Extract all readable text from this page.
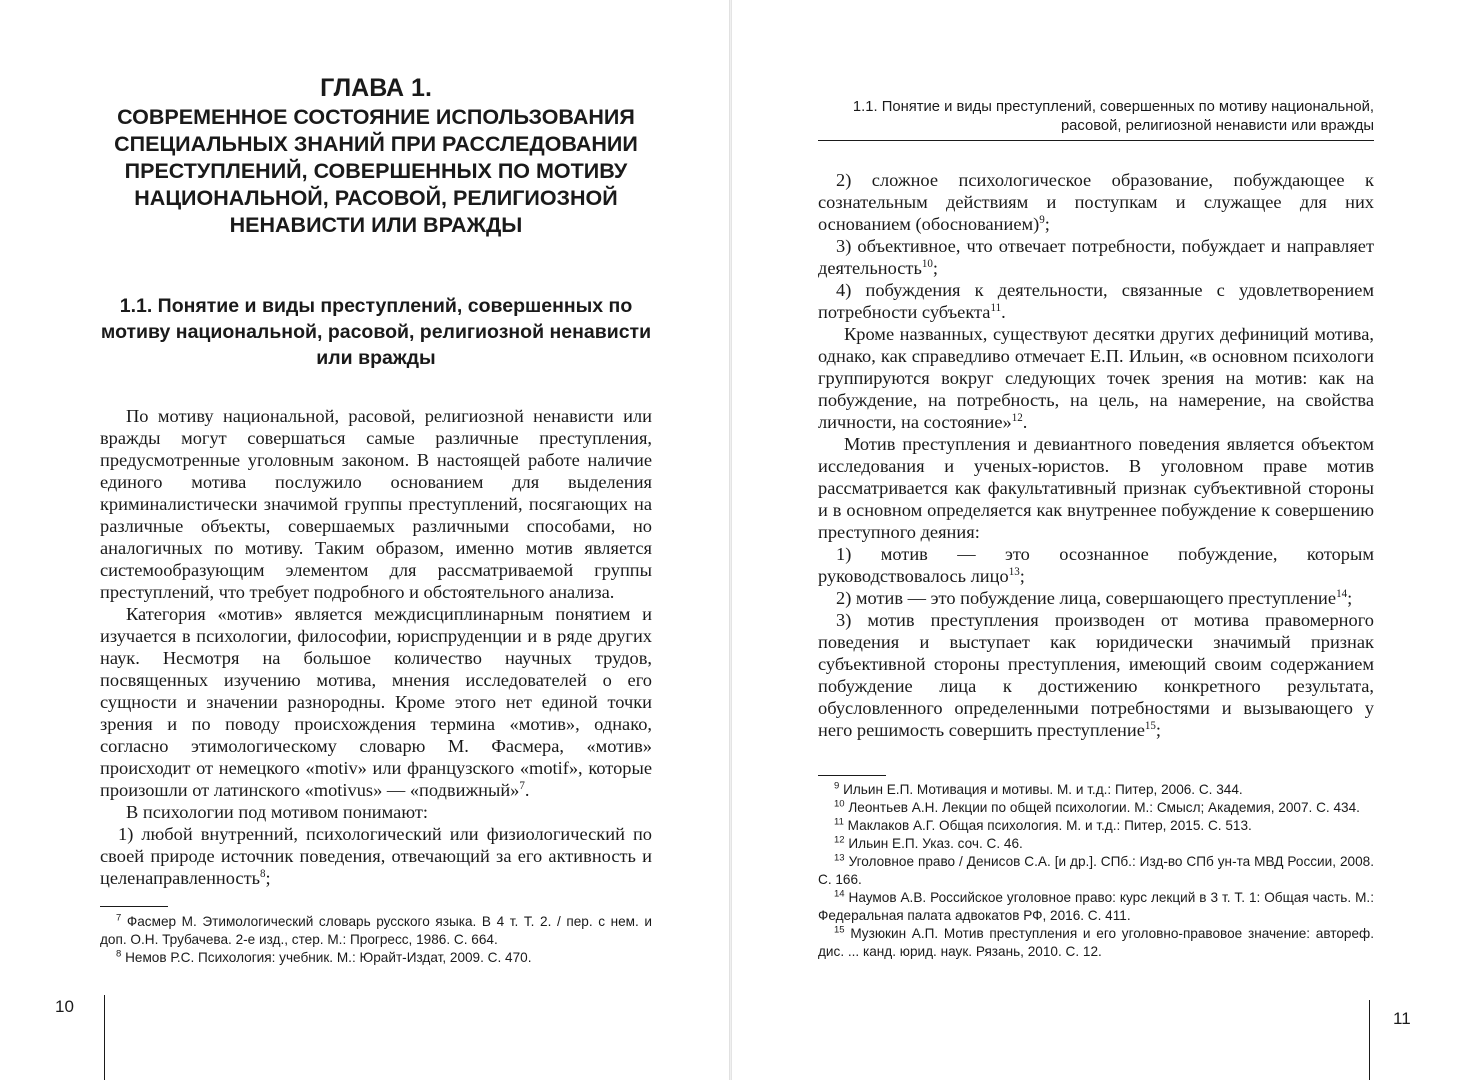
ГЛАВА 1.
СОВРЕМЕННОЕ СОСТОЯНИЕ ИСПОЛЬЗОВАНИЯ СПЕЦИАЛЬНЫХ ЗНАНИЙ ПРИ РАССЛЕДОВАНИИ ПРЕСТУПЛЕНИЙ, СОВЕРШЕННЫХ ПО МОТИВУ НАЦИОНАЛЬНОЙ, РАСОВОЙ, РЕЛИГИОЗНОЙ НЕНАВИСТИ ИЛИ ВРАЖДЫ
1.1. Понятие и виды преступлений, совершенных по мотиву национальной, расовой, религиозной ненависти или вражды

По мотиву национальной, расовой, религиозной ненависти или вражды могут совершаться самые различные преступления, предусмотренные уголовным законом. В настоящей работе наличие единого мотива послужило основанием для выделения криминалистически значимой группы преступлений, посягающих на различные объекты, совершаемых различными способами, но аналогичных по мотиву. Таким образом, именно мотив является системообразующим элементом для рассматриваемой группы преступлений, что требует подробного и обстоятельного анализа.

Категория «мотив» является междисциплинарным понятием и изучается в психологии, философии, юриспруденции и в ряде других наук. Несмотря на большое количество научных трудов, посвященных изучению мотива, мнения исследователей о его сущности и значении разнородны. Кроме этого нет единой точки зрения и по поводу происхождения термина «мотив», однако, согласно этимологическому словарю М. Фасмера, «мотив» происходит от немецкого «motiv» или французского «motif», которые произошли от латинского «motivus» — «подвижный»$^7$.

В психологии под мотивом понимают:

1) любой внутренний, психологический или физиологический по своей природе источник поведения, отвечающий за его активность и целенаправленность$^8$;

$^7$ Фасмер М. Этимологический словарь русского языка. В 4 т. Т. 2. / пер. с нем. и доп. О.Н. Трубачева. 2-е изд., стер. М.: Прогресс, 1986. С. 664.

$^8$ Немов Р.С. Психология: учебник. М.: Юрайт-Издат, 2009. С. 470.

10
1.1. Понятие и виды преступлений, совершенных по мотиву национальной, расовой, религиозной ненависти или вражды

2) сложное психологическое образование, побуждающее к сознательным действиям и поступкам и служащее для них основанием (обоснованием)$^9$;

3) объективное, что отвечает потребности, побуждает и направляет деятельность$^{10}$;

4) побуждения к деятельности, связанные с удовлетворением потребности субъекта$^{11}$.

Кроме названных, существуют десятки других дефиниций мотива, однако, как справедливо отмечает Е.П. Ильин, «в основном психологи группируются вокруг следующих точек зрения на мотив: как на побуждение, на потребность, на цель, на намерение, на свойства личности, на состояние»$^{12}$.

Мотив преступления и девиантного поведения является объектом исследования и ученых-юристов. В уголовном праве мотив рассматривается как факультативный признак субъективной стороны и в основном определяется как внутреннее побуждение к совершению преступного деяния:

1) мотив — это осознанное побуждение, которым руководствовалось лицо$^{13}$;

2) мотив — это побуждение лица, совершающего преступление$^{14}$;

3) мотив преступления производен от мотива правомерного поведения и выступает как юридически значимый признак субъективной стороны преступления, имеющий своим содержанием побуждение лица к достижению конкретного результата, обусловленного определенными потребностями и вызывающего у него решимость совершить преступление$^{15}$;

$^9$ Ильин Е.П. Мотивация и мотивы. М. и т.д.: Питер, 2006. С. 344.

$^{10}$ Леонтьев А.Н. Лекции по общей психологии. М.: Смысл; Академия, 2007. С. 434.

$^{11}$ Маклаков А.Г. Общая психология. М. и т.д.: Питер, 2015. С. 513.

$^{12}$ Ильин Е.П. Указ. соч. С. 46.

$^{13}$ Уголовное право / Денисов С.А. [и др.]. СПб.: Изд-во СПб ун-та МВД России, 2008. С. 166.

$^{14}$ Наумов А.В. Российское уголовное право: курс лекций в 3 т. Т. 1: Общая часть. М.: Федеральная палата адвокатов РФ, 2016. С. 411.

$^{15}$ Музюкин А.П. Мотив преступления и его уголовно-правовое значение: автореф. дис. ... канд. юрид. наук. Рязань, 2010. С. 12.

11
